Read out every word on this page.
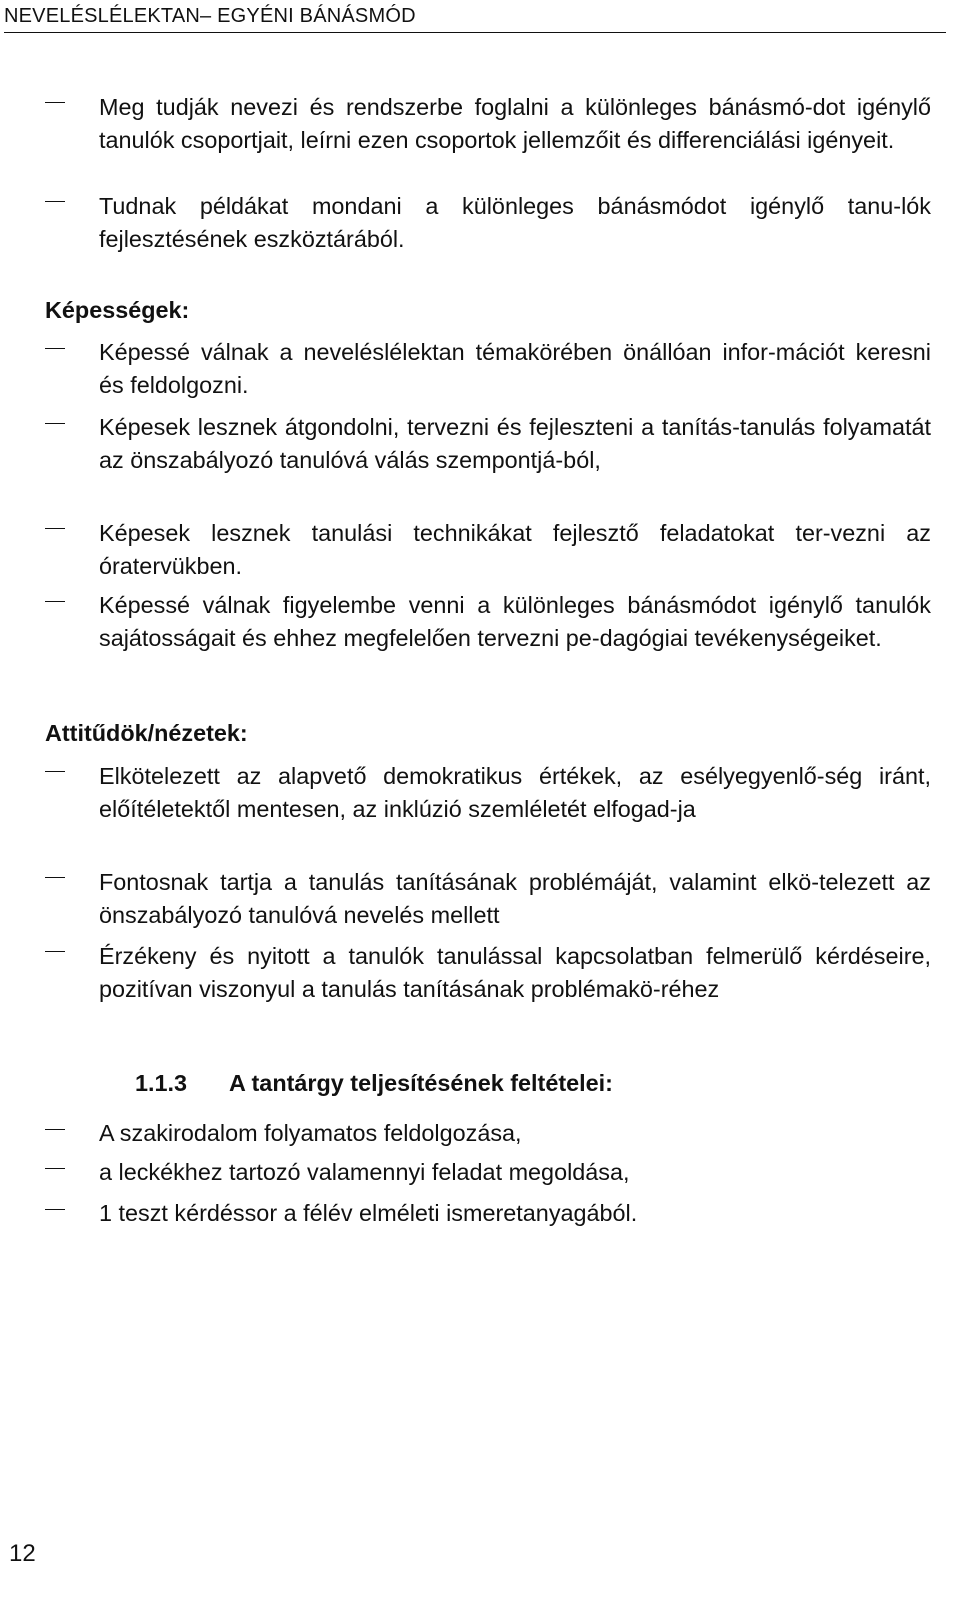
NEVELÉSLÉLEKTAN– EGYÉNI BÁNÁSMÓD
Meg tudják nevezi és rendszerbe foglalni a különleges bánásmó-dot igénylő tanulók csoportjait, leírni ezen csoportok jellemzőit és differenciálási igényeit.
Tudnak példákat mondani a különleges bánásmódot igénylő tanu-lók fejlesztésének eszköztárából.
Képességek:
Képessé válnak a neveléslélektan témakörében önállóan infor-mációt keresni és feldolgozni.
Képesek lesznek átgondolni, tervezni és fejleszteni a tanítás-tanulás folyamatát az önszabályozó tanulóvá válás szempontjá-ból,
Képesek lesznek tanulási technikákat fejlesztő feladatokat ter-vezni az óratervükben.
Képessé válnak figyelembe venni a különleges bánásmódot igénylő tanulók sajátosságait és ehhez megfelelően tervezni pe-dagógiai tevékenységeiket.
Attitűdök/nézetek:
Elkötelezett az alapvető demokratikus értékek, az esélyegyenlő-ség iránt, előítéletektől mentesen, az inklúzió szemléletét elfogad-ja
Fontosnak tartja a tanulás tanításának problémáját, valamint elkö-telezett az önszabályozó tanulóvá nevelés mellett
Érzékeny és nyitott a tanulók tanulással kapcsolatban felmerülő kérdéseire, pozitívan viszonyul a tanulás tanításának problémakö-réhez
1.1.3 A tantárgy teljesítésének feltételei:
A szakirodalom folyamatos feldolgozása,
a leckékhez tartozó valamennyi feladat megoldása,
1 teszt kérdéssor a félév elméleti ismeretanyagából.
12
